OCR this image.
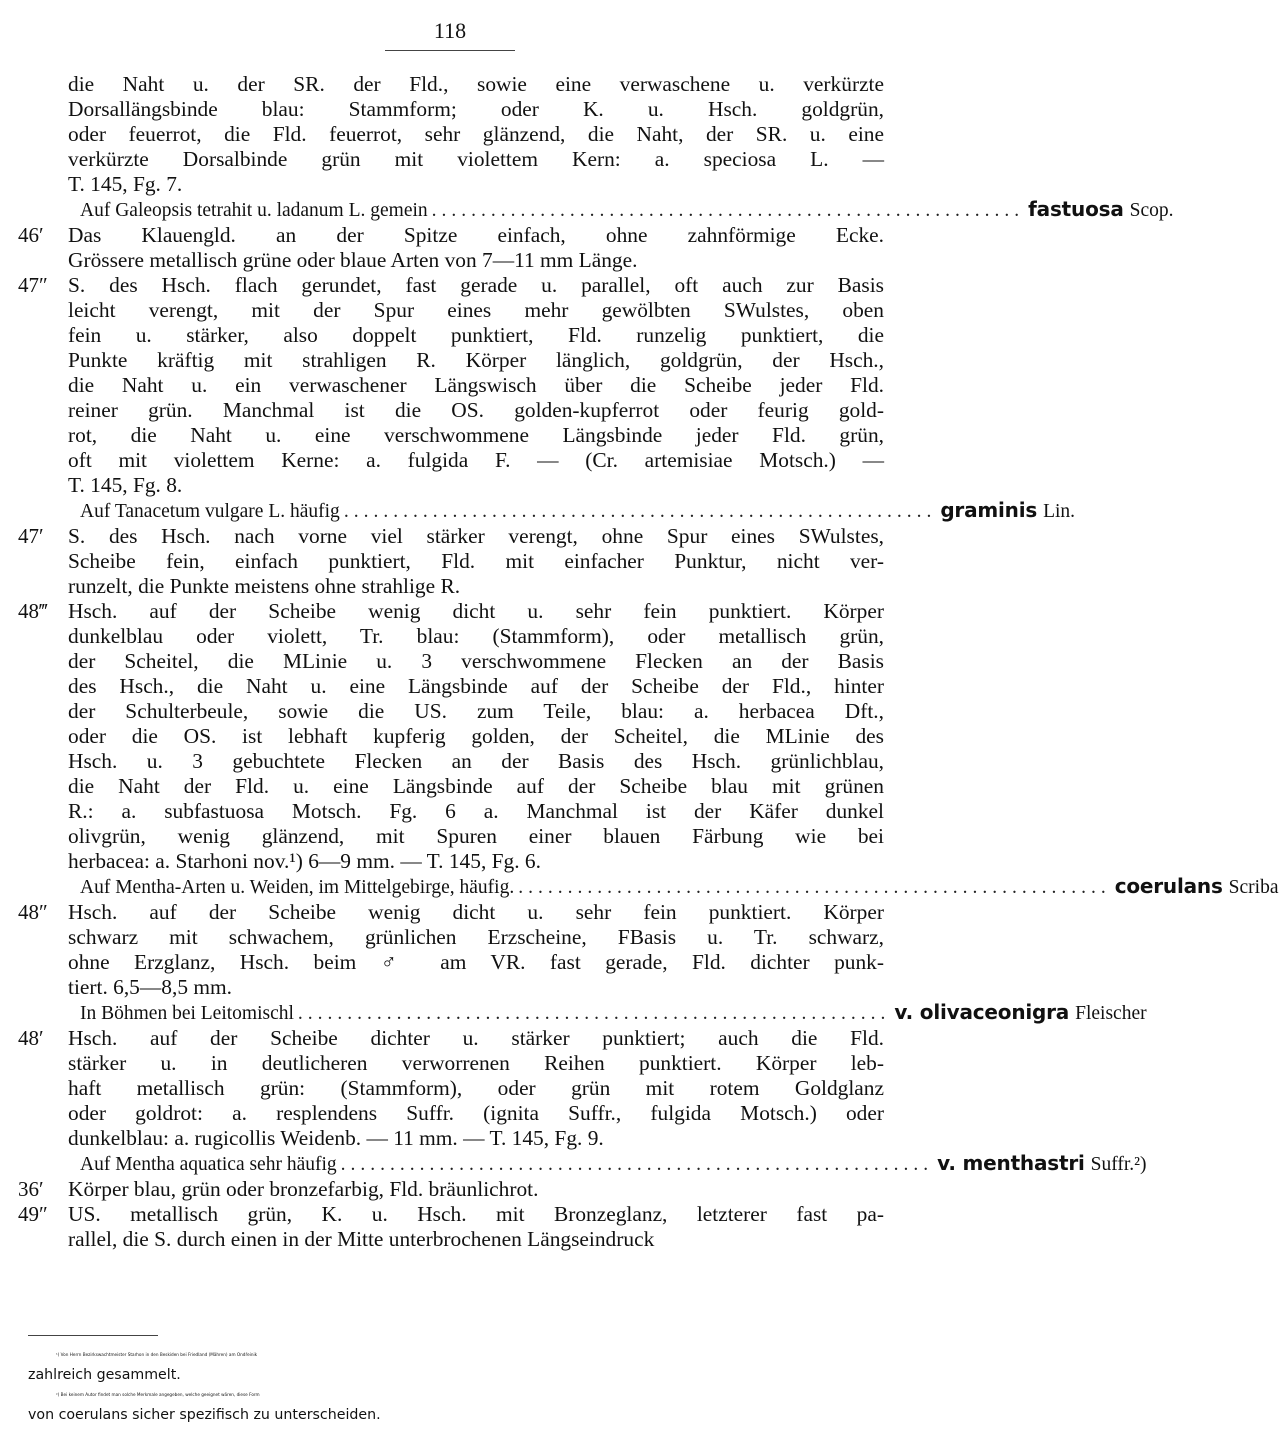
118
die Naht u. der SR. der Fld., sowie eine verwaschene u. verkürzte
Dorsallängsbinde blau: Stammform; oder K. u. Hsch. goldgrün,
oder feuerrot, die Fld. feuerrot, sehr glänzend, die Naht, der SR. u. eine
verkürzte Dorsalbinde grün mit violettem Kern: a. speciosa L. —
T. 145, Fg. 7.
Auf Galeopsis tetrahit u. ladanum L. gemein ............................................................ fastuosa Scop.
46′ Das Klauengld. an der Spitze einfach, ohne zahnförmige Ecke.
Grössere metallisch grüne oder blaue Arten von 7—11 mm Länge.
47″ S. des Hsch. flach gerundet, fast gerade u. parallel, oft auch zur Basis
leicht verengt, mit der Spur eines mehr gewölbten SWulstes, oben
fein u. stärker, also doppelt punktiert, Fld. runzelig punktiert, die
Punkte kräftig mit strahligen R. Körper länglich, goldgrün, der Hsch.,
die Naht u. ein verwaschener Längswisch über die Scheibe jeder Fld.
reiner grün. Manchmal ist die OS. golden-kupferrot oder feurig gold-
rot, die Naht u. eine verschwommene Längsbinde jeder Fld. grün,
oft mit violettem Kerne: a. fulgida F. — (Cr. artemisiae Motsch.) —
T. 145, Fg. 8.
Auf Tanacetum vulgare L. häufig ............................................................ graminis Lin.
47′ S. des Hsch. nach vorne viel stärker verengt, ohne Spur eines SWulstes,
Scheibe fein, einfach punktiert, Fld. mit einfacher Punktur, nicht ver-
runzelt, die Punkte meistens ohne strahlige R.
48‴ Hsch. auf der Scheibe wenig dicht u. sehr fein punktiert. Körper
dunkelblau oder violett, Tr. blau: (Stammform), oder metallisch grün,
der Scheitel, die MLinie u. 3 verschwommene Flecken an der Basis
des Hsch., die Naht u. eine Längsbinde auf der Scheibe der Fld., hinter
der Schulterbeule, sowie die US. zum Teile, blau: a. herbacea Dft.,
oder die OS. ist lebhaft kupferig golden, der Scheitel, die MLinie des
Hsch. u. 3 gebuchtete Flecken an der Basis des Hsch. grünlichblau,
die Naht der Fld. u. eine Längsbinde auf der Scheibe blau mit grünen
R.: a. subfastuosa Motsch. Fg. 6 a. Manchmal ist der Käfer dunkel
olivgrün, wenig glänzend, mit Spuren einer blauen Färbung wie bei
herbacea: a. Starhoni nov.¹) 6—9 mm. — T. 145, Fg. 6.
Auf Mentha-Arten u. Weiden, im Mittelgebirge, häufig. ............................................................ coerulans Scriba
48″ Hsch. auf der Scheibe wenig dicht u. sehr fein punktiert. Körper
schwarz mit schwachem, grünlichen Erzscheine, FBasis u. Tr. schwarz,
ohne Erzglanz, Hsch. beim ♂ am VR. fast gerade, Fld. dichter punk-
tiert. 6,5—8,5 mm.
In Böhmen bei Leitomischl ............................................................ v. olivaceonigra Fleischer
48′ Hsch. auf der Scheibe dichter u. stärker punktiert; auch die Fld.
stärker u. in deutlicheren verworrenen Reihen punktiert. Körper leb-
haft metallisch grün: (Stammform), oder grün mit rotem Goldglanz
oder goldrot: a. resplendens Suffr. (ignita Suffr., fulgida Motsch.) oder
dunkelblau: a. rugicollis Weidenb. — 11 mm. — T. 145, Fg. 9.
Auf Mentha aquatica sehr häufig ............................................................ v. menthastri Suffr.²)
36′ Körper blau, grün oder bronzefarbig, Fld. bräunlichrot.
49″ US. metallisch grün, K. u. Hsch. mit Bronzeglanz, letzterer fast pa-
rallel, die S. durch einen in der Mitte unterbrochenen Längseindruck
¹) Von Herrn Bezirkswachtmeister Starhon in den Beskiden bei Friedland (Mähren) am Ondřeinik
zahlreich gesammelt.
²) Bei keinem Autor findet man solche Merkmale angegeben, welche geeignet wären, diese Form
von coerulans sicher spezifisch zu unterscheiden.
